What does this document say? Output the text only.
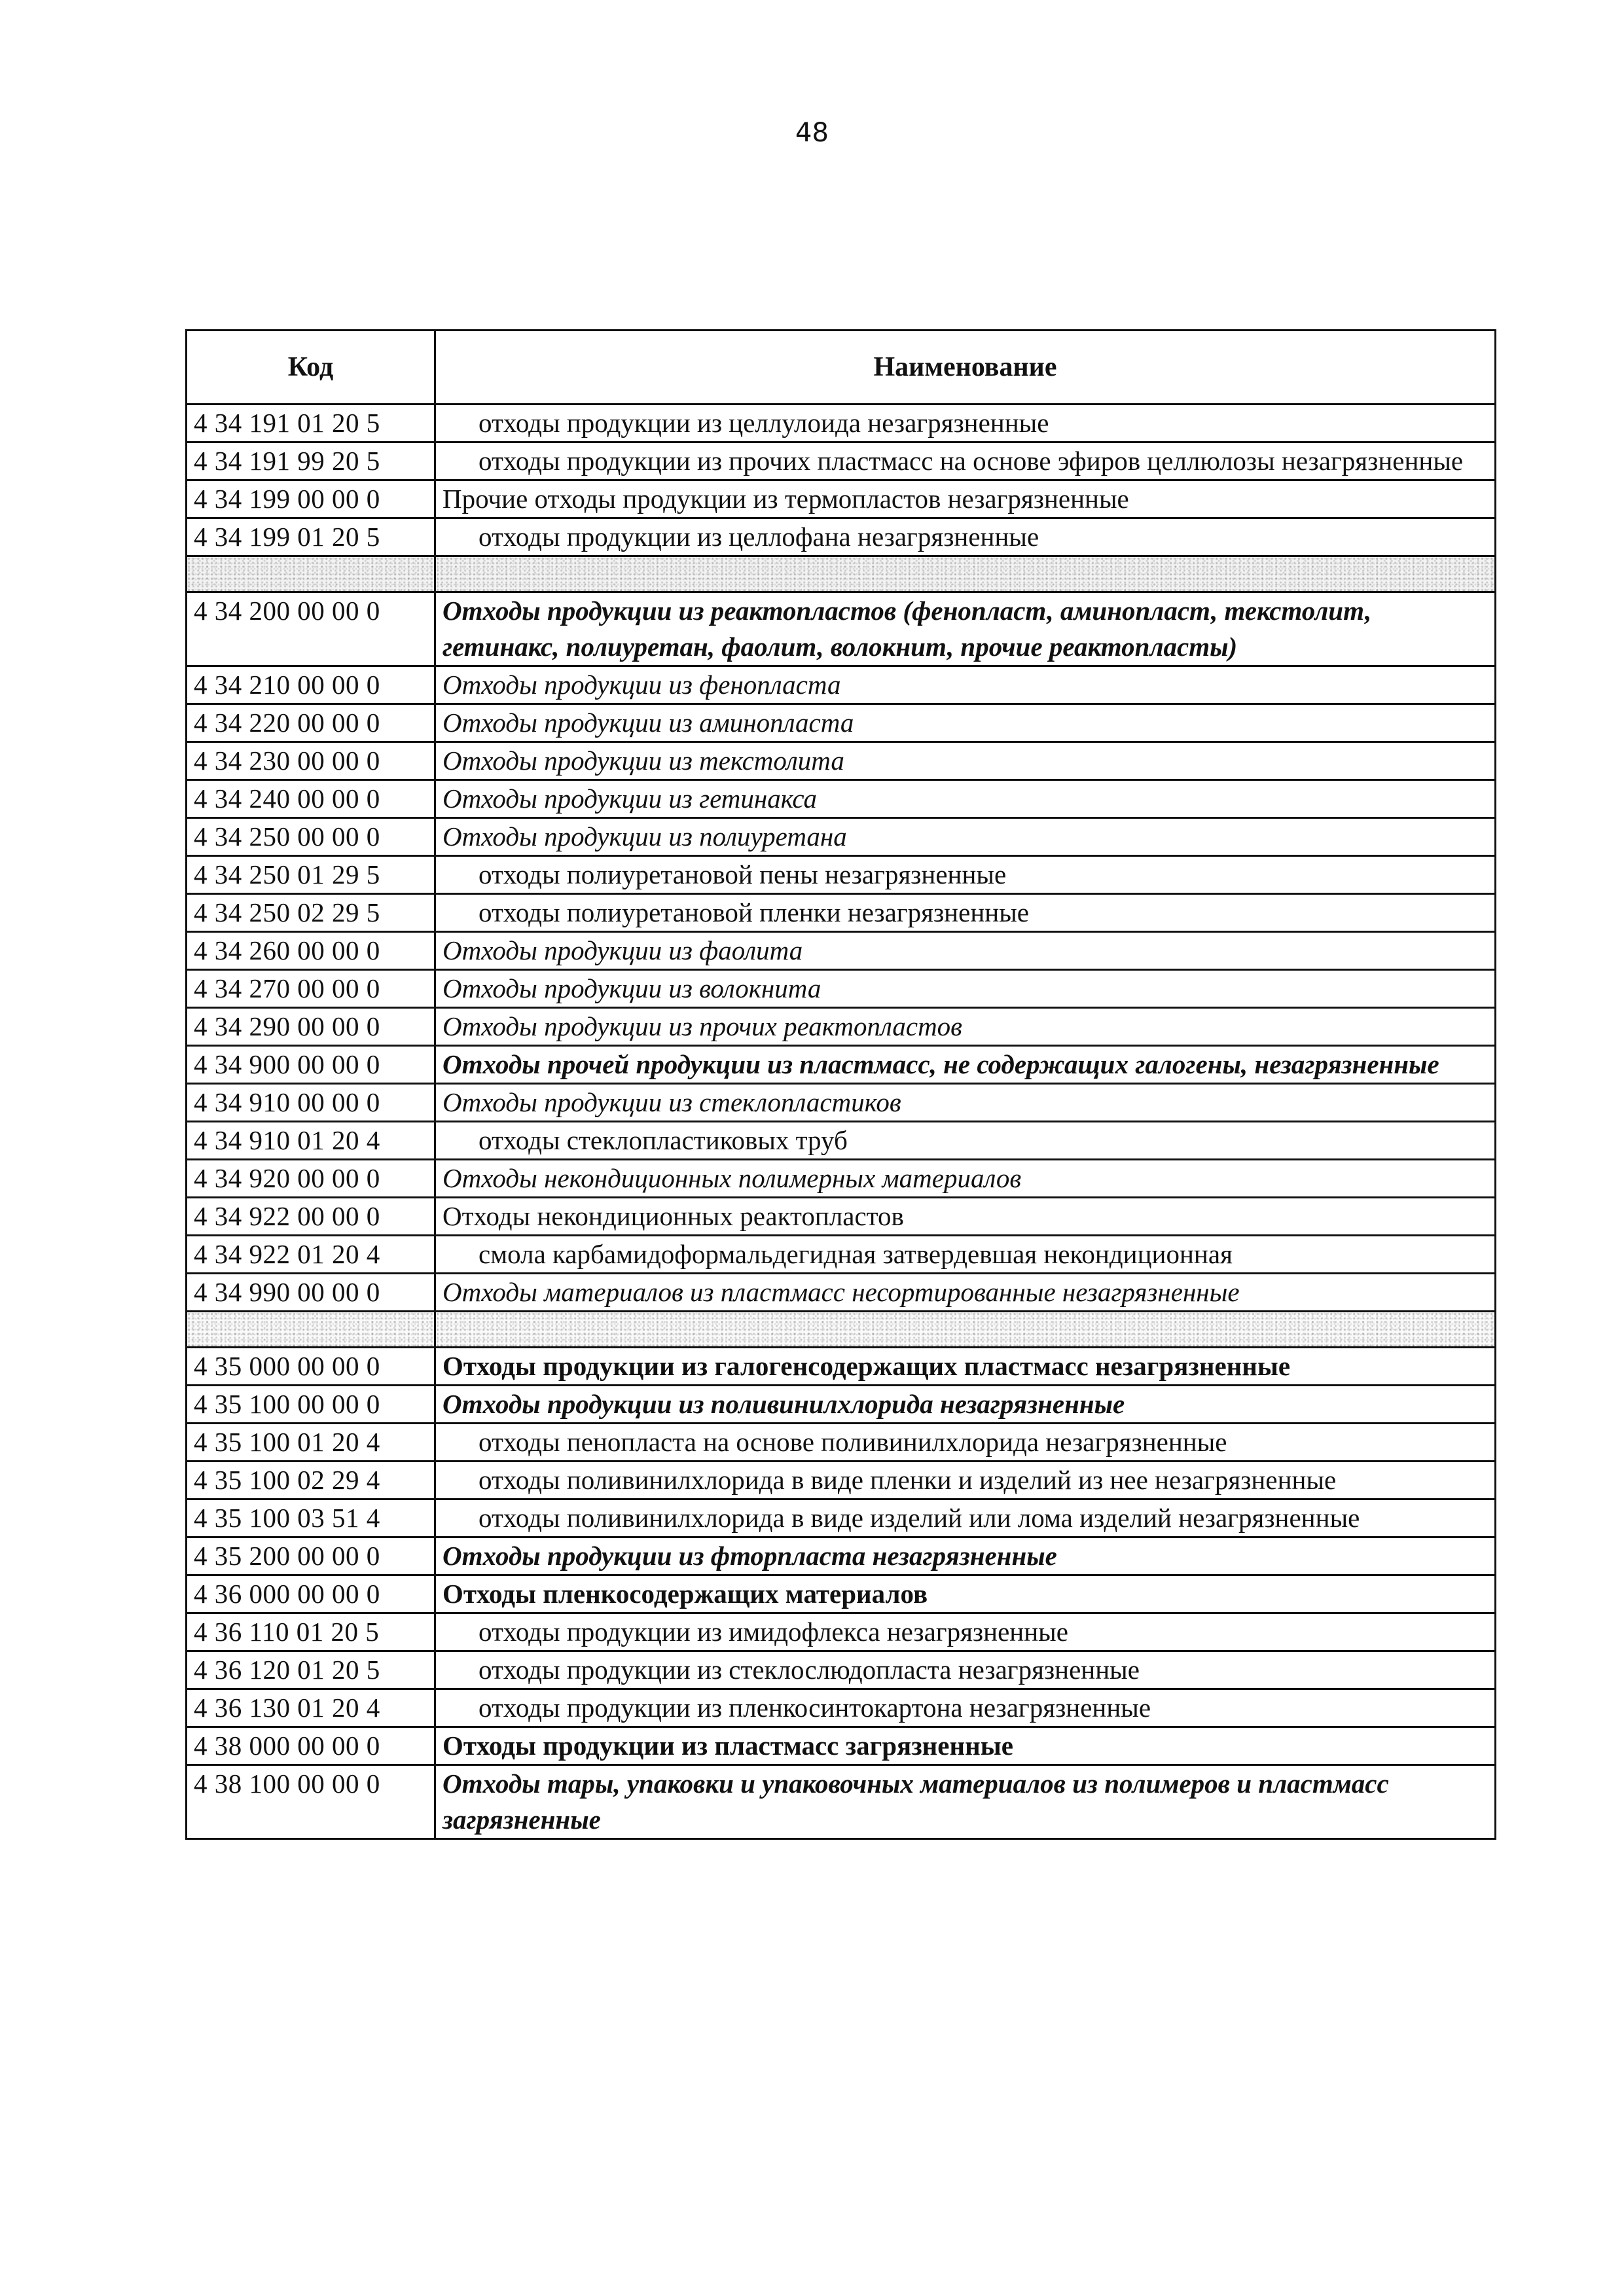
48
Код	Наименование
4 34 191 01 20 5	отходы продукции из целлулоида незагрязненные

4 34 191 99 20 5	отходы продукции из прочих пластмасс на основе эфиров целлюлозы незагрязненные

4 34 199 00 00 0	Прочие отходы продукции из термопластов незагрязненные

4 34 199 01 20 5	отходы продукции из целлофана незагрязненные

4 34 200 00 00 0	Отходы продукции из реактопластов (фенопласт, аминопласт, текстолит, гетинакс, полиуретан, фаолит, волокнит, прочие реактопласты)

4 34 210 00 00 0	Отходы продукции из фенопласта

4 34 220 00 00 0	Отходы продукции из аминопласта

4 34 230 00 00 0	Отходы продукции из текстолита

4 34 240 00 00 0	Отходы продукции из гетинакса

4 34 250 00 00 0	Отходы продукции из полиуретана

4 34 250 01 29 5	отходы полиуретановой пены незагрязненные

4 34 250 02 29 5	отходы полиуретановой пленки незагрязненные

4 34 260 00 00 0	Отходы продукции из фаолита

4 34 270 00 00 0	Отходы продукции из волокнита

4 34 290 00 00 0	Отходы продукции из прочих реактопластов

4 34 900 00 00 0	Отходы прочей продукции из пластмасс, не содержащих галогены, незагрязненные

4 34 910 00 00 0	Отходы продукции из стеклопластиков

4 34 910 01 20 4	отходы стеклопластиковых труб

4 34 920 00 00 0	Отходы некондиционных полимерных материалов

4 34 922 00 00 0	Отходы некондиционных реактопластов

4 34 922 01 20 4	смола карбамидоформальдегидная затвердевшая некондиционная

4 34 990 00 00 0	Отходы материалов из пластмасс несортированные незагрязненные

4 35 000 00 00 0	Отходы продукции из галогенсодержащих пластмасс незагрязненные

4 35 100 00 00 0	Отходы продукции из поливинилхлорида незагрязненные

4 35 100 01 20 4	отходы пенопласта на основе поливинилхлорида незагрязненные

4 35 100 02 29 4	отходы поливинилхлорида в виде пленки и изделий из нее незагрязненные

4 35 100 03 51 4	отходы поливинилхлорида в виде изделий или лома изделий незагрязненные

4 35 200 00 00 0	Отходы продукции из фторпласта незагрязненные

4 36 000 00 00 0	Отходы пленкосодержащих материалов

4 36 110 01 20 5	отходы продукции из имидофлекса незагрязненные

4 36 120 01 20 5	отходы продукции из стеклослюдопласта незагрязненные

4 36 130 01 20 4	отходы продукции из пленкосинтокартона незагрязненные

4 38 000 00 00 0	Отходы продукции из пластмасс загрязненные

4 38 100 00 00 0	Отходы тары, упаковки и упаковочных материалов из полимеров и пластмасс загрязненные
